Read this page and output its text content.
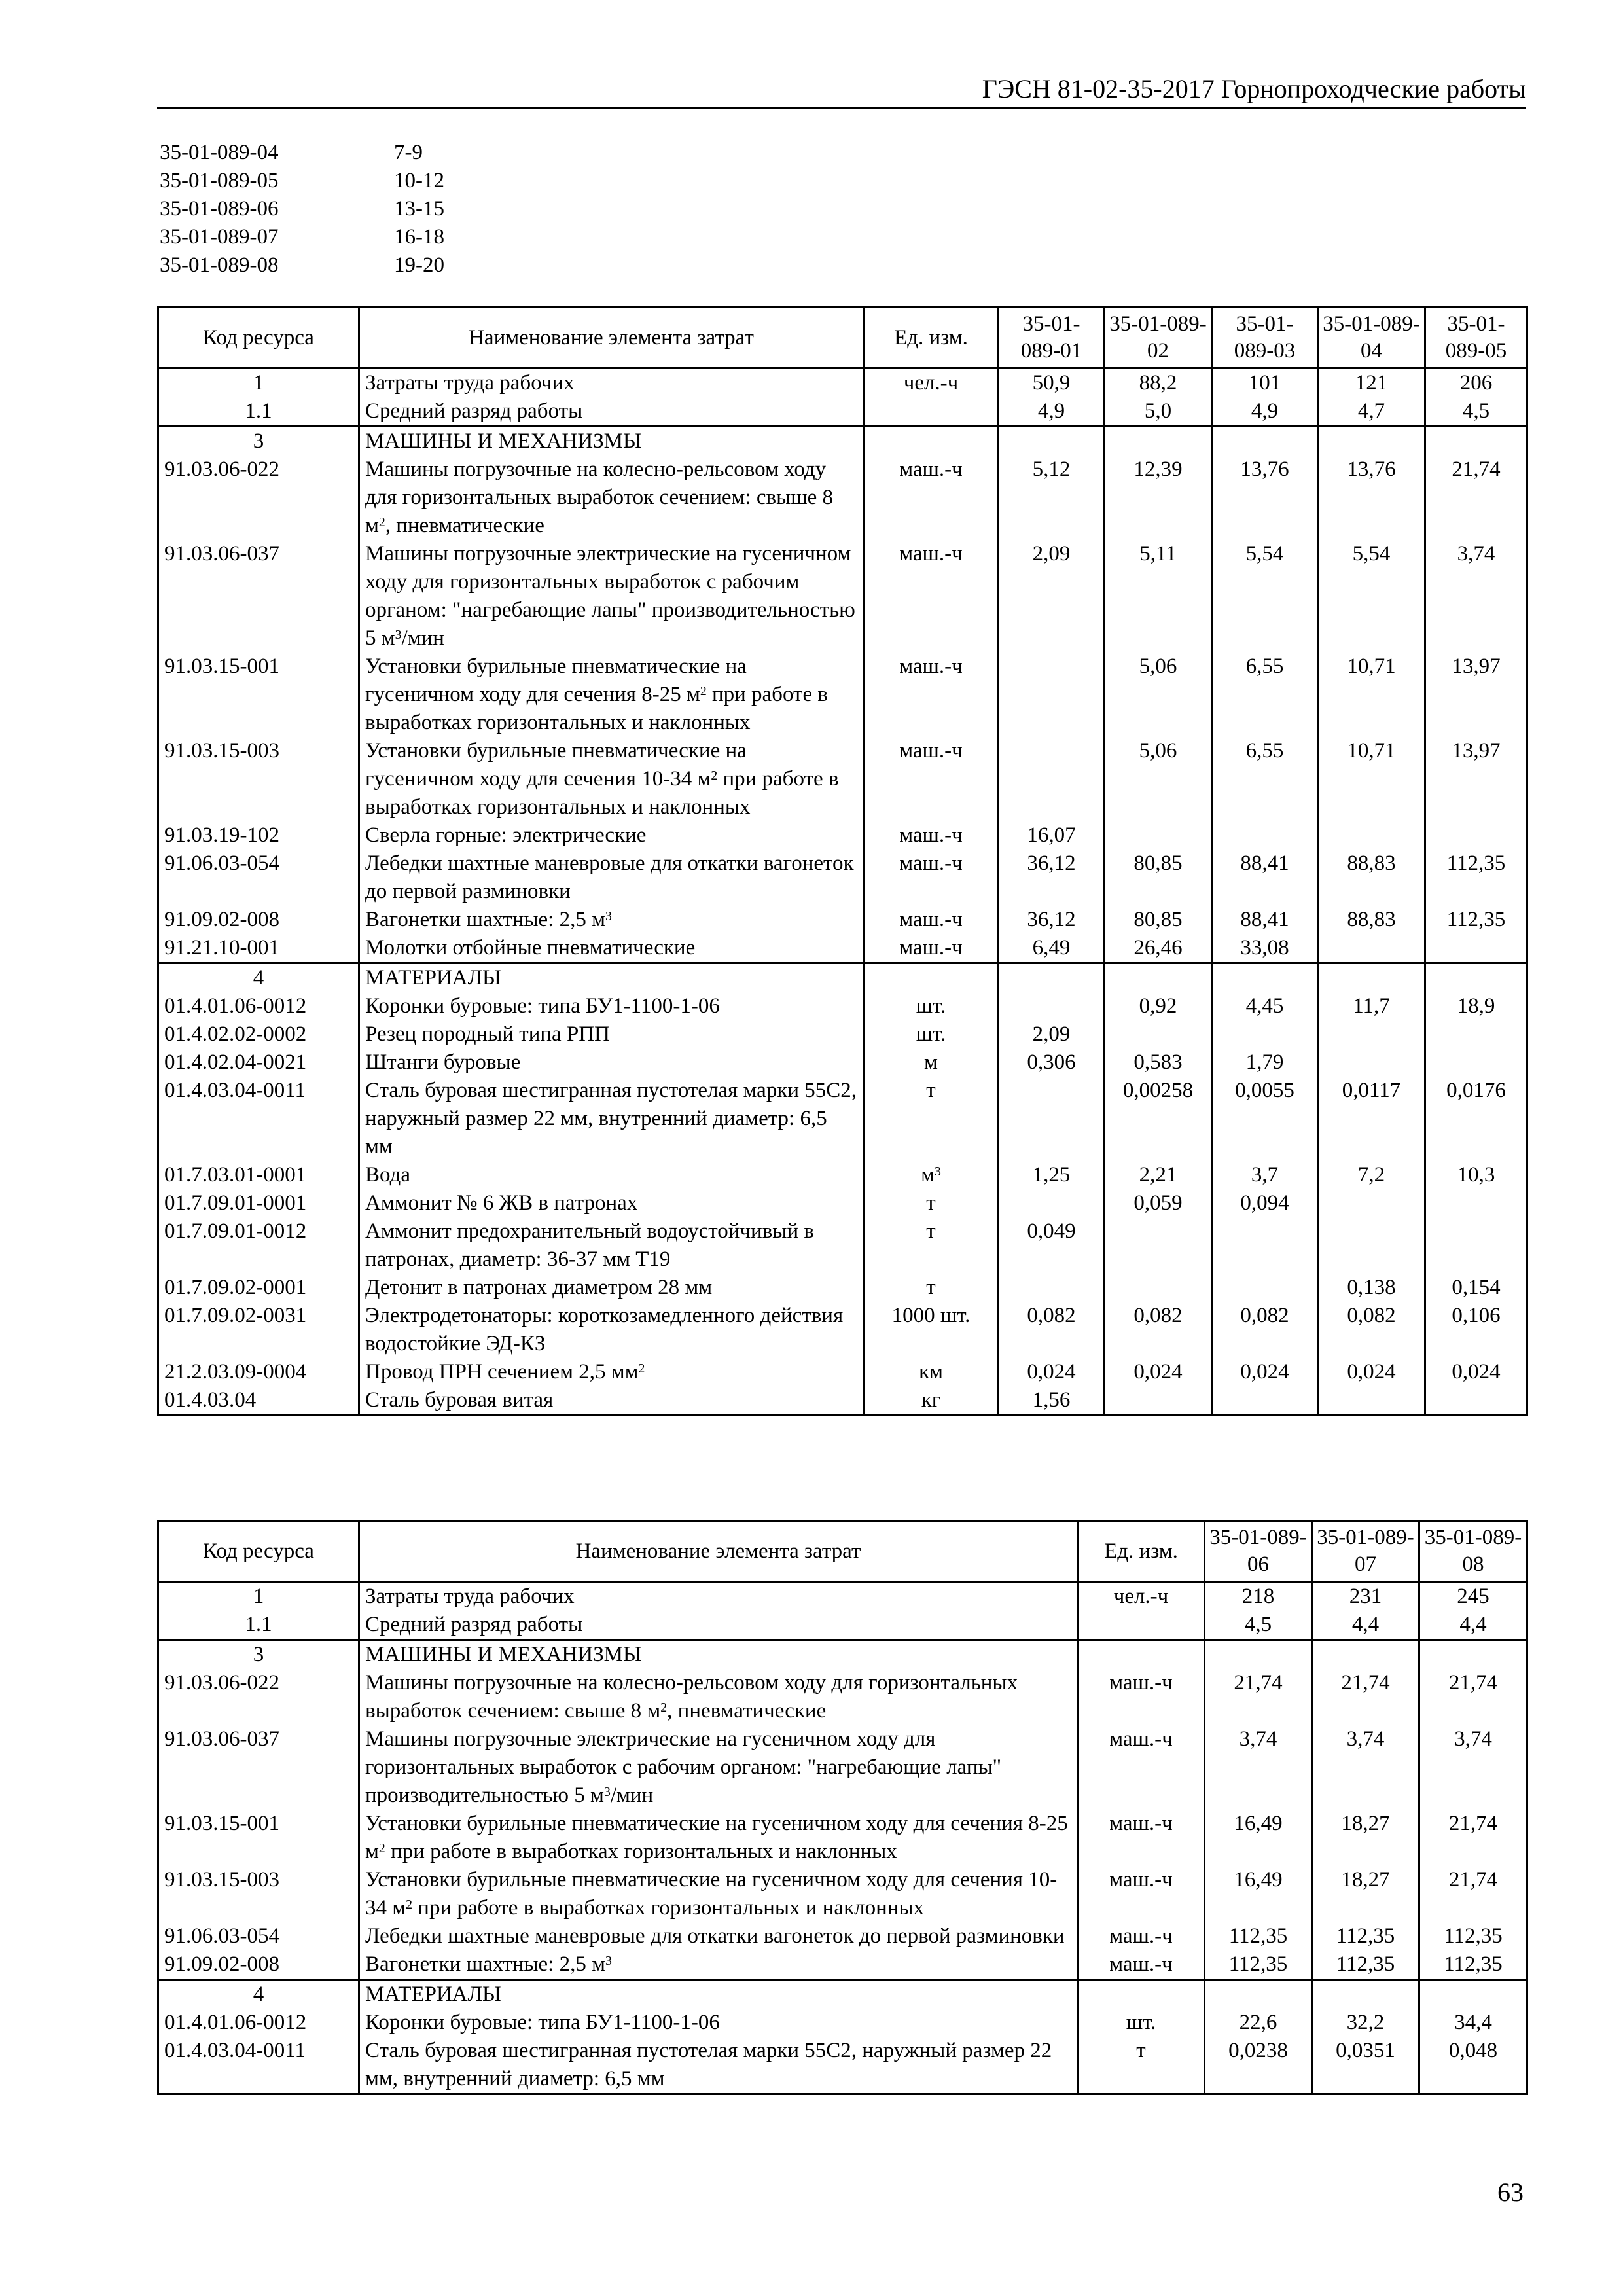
ГЭСН 81-02-35-2017 Горнопроходческие работы
35-01-089-04	7-9
35-01-089-05	10-12
35-01-089-06	13-15
35-01-089-07	16-18
35-01-089-08	19-20
Код ресурса	Наименование элемента затрат	Ед. изм.	35-01-089-01	35-01-089-02	35-01-089-03	35-01-089-04	35-01-089-05
1	Затраты труда рабочих	чел.-ч	50,9	88,2	101	121	206
1.1	Средний разряд работы		4,9	5,0	4,9	4,7	4,5
3	МАШИНЫ И МЕХАНИЗМЫ						
91.03.06-022	Машины погрузочные на колесно-рельсовом ходу для горизонтальных выработок сечением: свыше 8 $м^2$, пневматические	маш.-ч	5,12	12,39	13,76	13,76	21,74
91.03.06-037	Машины погрузочные электрические на гусеничном ходу для горизонтальных выработок с рабочим органом: "нагребающие лапы" производительностью 5 $м^3$/мин	маш.-ч	2,09	5,11	5,54	5,54	3,74
91.03.15-001	Установки бурильные пневматические на гусеничном ходу для сечения 8-25 $м^2$ при работе в выработках горизонтальных и наклонных	маш.-ч		5,06	6,55	10,71	13,97
91.03.15-003	Установки бурильные пневматические на гусеничном ходу для сечения 10-34 $м^2$ при работе в выработках горизонтальных и наклонных	маш.-ч		5,06	6,55	10,71	13,97
91.03.19-102	Сверла горные: электрические	маш.-ч	16,07				
91.06.03-054	Лебедки шахтные маневровые для откатки вагонеток до первой разминовки	маш.-ч	36,12	80,85	88,41	88,83	112,35
91.09.02-008	Вагонетки шахтные: 2,5 $м^3$	маш.-ч	36,12	80,85	88,41	88,83	112,35
91.21.10-001	Молотки отбойные пневматические	маш.-ч	6,49	26,46	33,08		
4	МАТЕРИАЛЫ						
01.4.01.06-0012	Коронки буровые: типа БУ1-1100-1-06	шт.		0,92	4,45	11,7	18,9
01.4.02.02-0002	Резец породный типа РПП	шт.	2,09				
01.4.02.04-0021	Штанги буровые	м	0,306	0,583	1,79		
01.4.03.04-0011	Сталь буровая шестигранная пустотелая марки 55С2, наружный размер 22 мм, внутренний диаметр: 6,5 мм	т		0,00258	0,0055	0,0117	0,0176
01.7.03.01-0001	Вода	$м^3$	1,25	2,21	3,7	7,2	10,3
01.7.09.01-0001	Аммонит № 6 ЖВ в патронах	т		0,059	0,094		
01.7.09.01-0012	Аммонит предохранительный водоустойчивый в патронах, диаметр: 36-37 мм Т19	т	0,049				
01.7.09.02-0001	Детонит в патронах диаметром 28 мм	т				0,138	0,154
01.7.09.02-0031	Электродетонаторы: короткозамедленного действия водостойкие ЭД-КЗ	1000 шт.	0,082	0,082	0,082	0,082	0,106
21.2.03.09-0004	Провод ПРН сечением 2,5 $мм^2$	км	0,024	0,024	0,024	0,024	0,024
01.4.03.04	Сталь буровая витая	кг	1,56				
Код ресурса	Наименование элемента затрат	Ед. изм.	35-01-089-06	35-01-089-07	35-01-089-08
1	Затраты труда рабочих	чел.-ч	218	231	245
1.1	Средний разряд работы		4,5	4,4	4,4
3	МАШИНЫ И МЕХАНИЗМЫ				
91.03.06-022	Машины погрузочные на колесно-рельсовом ходу для горизонтальных выработок сечением: свыше 8 $м^2$, пневматические	маш.-ч	21,74	21,74	21,74
91.03.06-037	Машины погрузочные электрические на гусеничном ходу для горизонтальных выработок с рабочим органом: "нагребающие лапы" производительностью 5 $м^3$/мин	маш.-ч	3,74	3,74	3,74
91.03.15-001	Установки бурильные пневматические на гусеничном ходу для сечения 8-25 $м^2$ при работе в выработках горизонтальных и наклонных	маш.-ч	16,49	18,27	21,74
91.03.15-003	Установки бурильные пневматические на гусеничном ходу для сечения 10-34 $м^2$ при работе в выработках горизонтальных и наклонных	маш.-ч	16,49	18,27	21,74
91.06.03-054	Лебедки шахтные маневровые для откатки вагонеток до первой разминовки	маш.-ч	112,35	112,35	112,35
91.09.02-008	Вагонетки шахтные: 2,5 $м^3$	маш.-ч	112,35	112,35	112,35
4	МАТЕРИАЛЫ				
01.4.01.06-0012	Коронки буровые: типа БУ1-1100-1-06	шт.	22,6	32,2	34,4
01.4.03.04-0011	Сталь буровая шестигранная пустотелая марки 55С2, наружный размер 22 мм, внутренний диаметр: 6,5 мм	т	0,0238	0,0351	0,048
63
